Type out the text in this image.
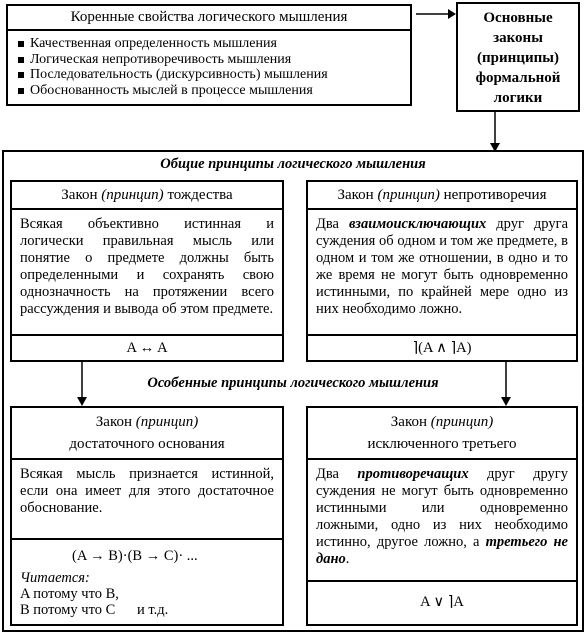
Коренные свойства логического мышления
Качественная определенность мышления
Логическая непротиворечивость мышления
Последовательность (дискурсивность) мышления
Обоснованность мыслей в процессе мышления
Основные
законы
(принципы)
формальной
логики
Общие принципы логического мышления
Закон (принцип) тождества
Всякая объективно истинная и логически правильная мысль или понятие о предмете должны быть определенными и сохранять свою однозначность на протяжении всего рассуждения и вывода об этом предмете.
A ↔ A
Закон (принцип) непротиворечия
Два взаимоисключающих друг друга суждения об одном и том же предмете, в одном и том же отношении, в одно и то же время не могут быть одновременно истинными, по крайней мере одно из них необходимо ложно.
⌉(A ∧ ⌉A)
Особенные принципы логического мышления
Закон (принцип)
достаточного основания
Всякая мысль признается истинной, если она имеет для этого достаточное обоснование.
(A → B)·(B → C)· ...
Читается:
A потому что B,
B потому что C      и т.д.
Закон (принцип)
исключенного третьего
Два противоречащих друг другу суждения не могут быть одновременно истинными или одновременно ложными, одно из них необходимо истинно, другое ложно, а третьего не дано.
A ∨ ⌉A
